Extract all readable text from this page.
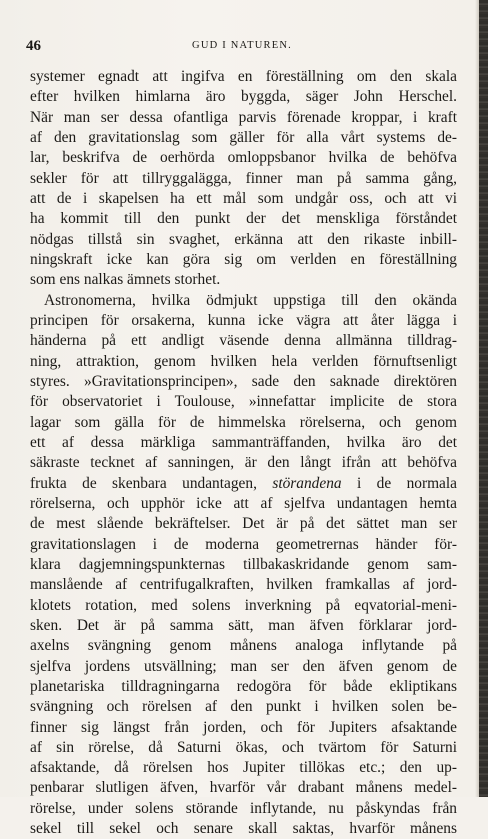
46	GUD I NATUREN.
systemer egnadt att ingifva en föreställning om den skala
efter hvilken himlarna äro byggda, säger John Herschel.
När man ser dessa ofantliga parvis förenade kroppar, i kraft
af den gravitationslag som gäller för alla vårt systems de-
lar, beskrifva de oerhörda omloppsbanor hvilka de behöfva
sekler för att tillryggalägga, finner man på samma gång,
att de i skapelsen ha ett mål som undgår oss, och att vi
ha kommit till den punkt der det menskliga förståndet
nödgas tillstå sin svaghet, erkänna att den rikaste inbill-
ningskraft icke kan göra sig om verlden en föreställning
som ens nalkas ämnets storhet.
Astronomerna, hvilka ödmjukt uppstiga till den okända
principen för orsakerna, kunna icke vägra att åter lägga i
händerna på ett andligt väsende denna allmänna tilldrag-
ning, attraktion, genom hvilken hela verlden förnuftsenligt
styres. »Gravitationsprincipen», sade den saknade direktören
för observatoriet i Toulouse, »innefattar implicite de stora
lagar som gälla för de himmelska rörelserna, och genom
ett af dessa märkliga sammanträffanden, hvilka äro det
säkraste tecknet af sanningen, är den långt ifrån att behöfva
frukta de skenbara undantagen, störandena i de normala
rörelserna, och upphör icke att af sjelfva undantagen hemta
de mest slående bekräftelser. Det är på det sättet man ser
gravitationslagen i de moderna geometrernas händer för-
klara dagjemningspunkternas tillbakaskridande genom sam-
manslående af centrifugalkraften, hvilken framkallas af jord-
klotets rotation, med solens inverkning på eqvatorial-meni-
sken. Det är på samma sätt, man äfven förklarar jord-
axelns svängning genom månens analoga inflytande på
sjelfva jordens utsvällning; man ser den äfven genom de
planetariska tilldragningarna redogöra för både ekliptikans
svängning och rörelsen af den punkt i hvilken solen be-
finner sig längst från jorden, och för Jupiters afsaktande
af sin rörelse, då Saturni ökas, och tvärtom för Saturni
afsaktande, då rörelsen hos Jupiter tillökas etc.; den up-
penbarar slutligen äfven, hvarför vår drabant månens medel-
rörelse, under solens störande inflytande, nu påskyndas från
sekel till sekel och senare skall saktas, hvarför månens
